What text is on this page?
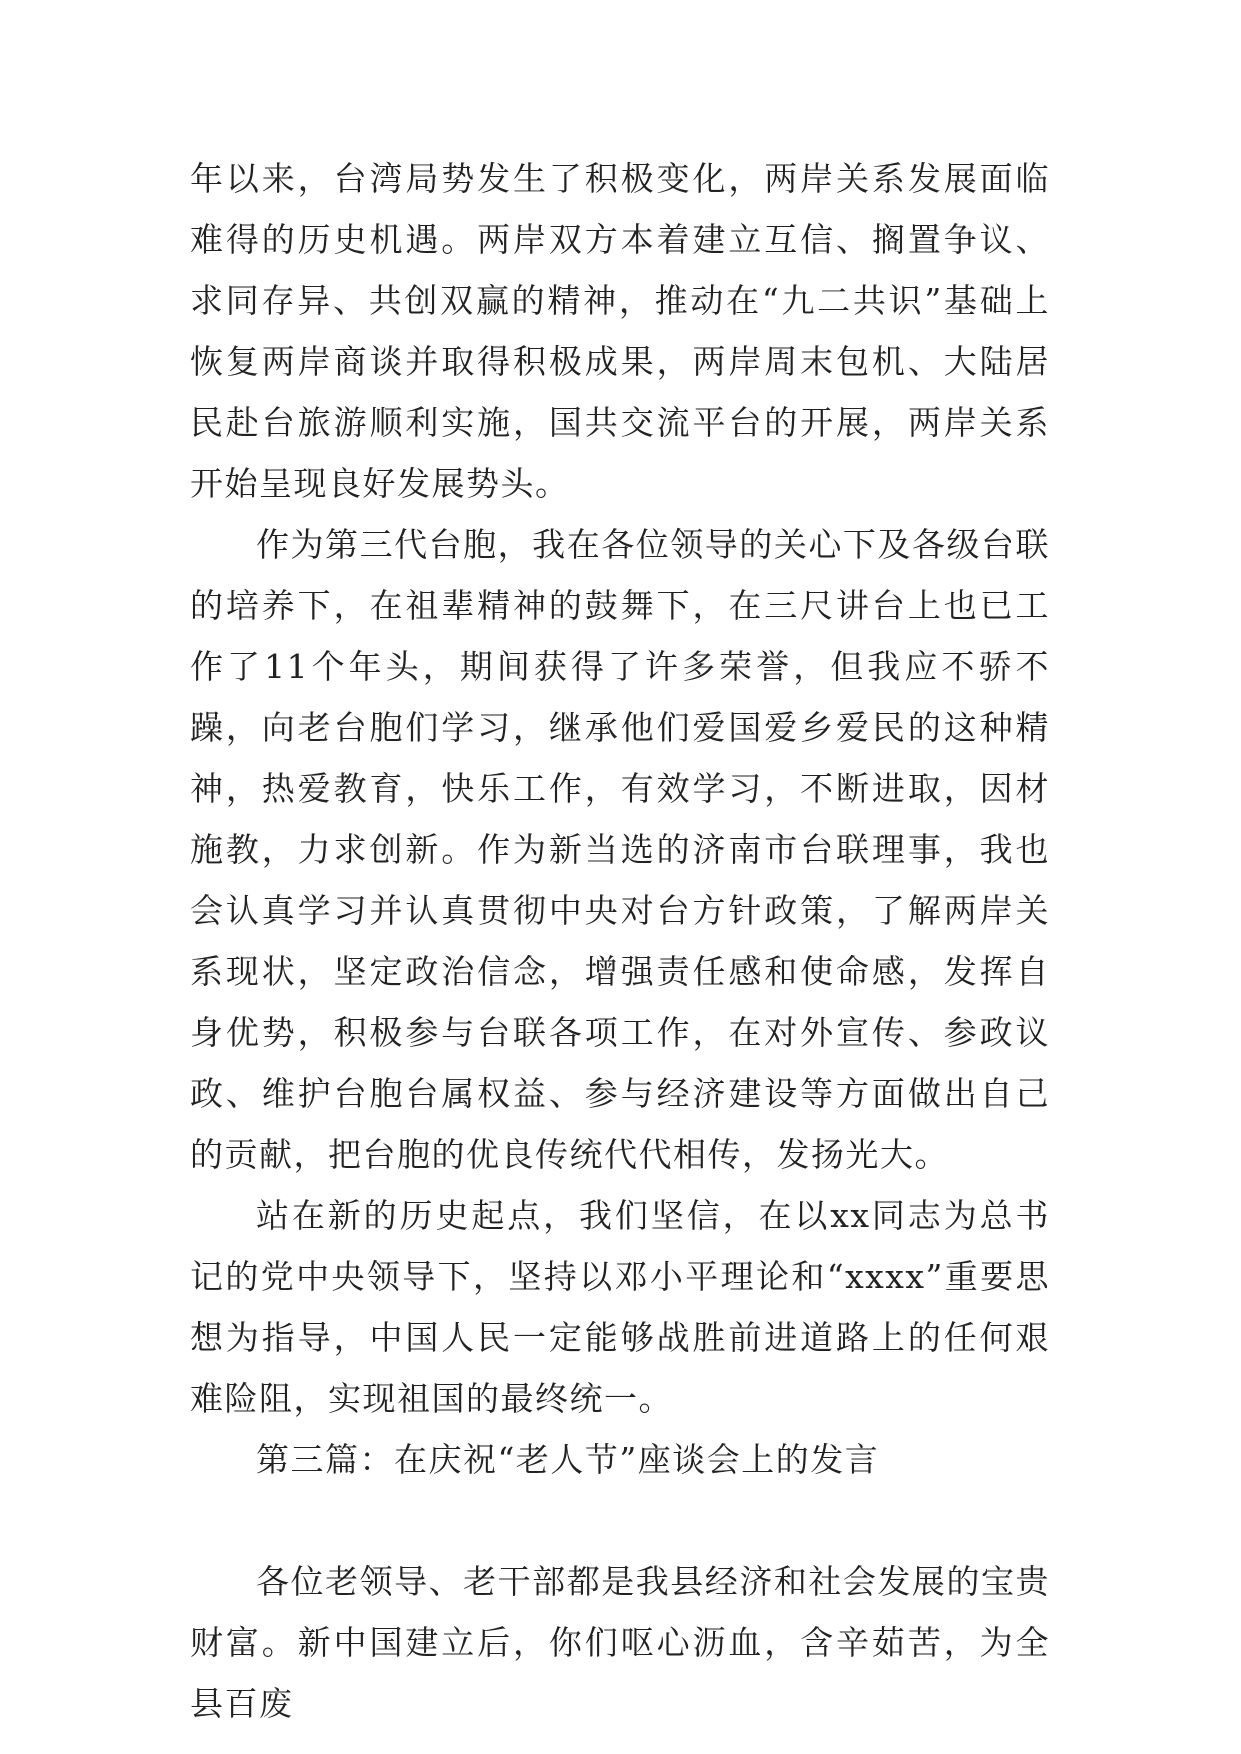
年以来，台湾局势发生了积极变化，两岸关系发展面临难得的历史机遇。两岸双方本着建立互信、搁置争议、求同存异、共创双赢的精神，推动在“九二共识”基础上恢复两岸商谈并取得积极成果，两岸周末包机、大陆居民赴台旅游顺利实施，国共交流平台的开展，两岸关系开始呈现良好发展势头。

作为第三代台胞，我在各位领导的关心下及各级台联的培养下，在祖辈精神的鼓舞下，在三尺讲台上也已工作了11个年头，期间获得了许多荣誉，但我应不骄不躁，向老台胞们学习，继承他们爱国爱乡爱民的这种精神，热爱教育，快乐工作，有效学习，不断进取，因材施教，力求创新。作为新当选的济南市台联理事，我也会认真学习并认真贯彻中央对台方针政策，了解两岸关系现状，坚定政治信念，增强责任感和使命感，发挥自身优势，积极参与台联各项工作，在对外宣传、参政议政、维护台胞台属权益、参与经济建设等方面做出自己的贡献，把台胞的优良传统代代相传，发扬光大。

站在新的历史起点，我们坚信，在以xx同志为总书记的党中央领导下，坚持以邓小平理论和“xxxx”重要思想为指导，中国人民一定能够战胜前进道路上的任何艰难险阻，实现祖国的最终统一。

第三篇：在庆祝“老人节”座谈会上的发言

各位老领导、老干部都是我县经济和社会发展的宝贵财富。新中国建立后，你们呕心沥血，含辛茹苦，为全县百废
